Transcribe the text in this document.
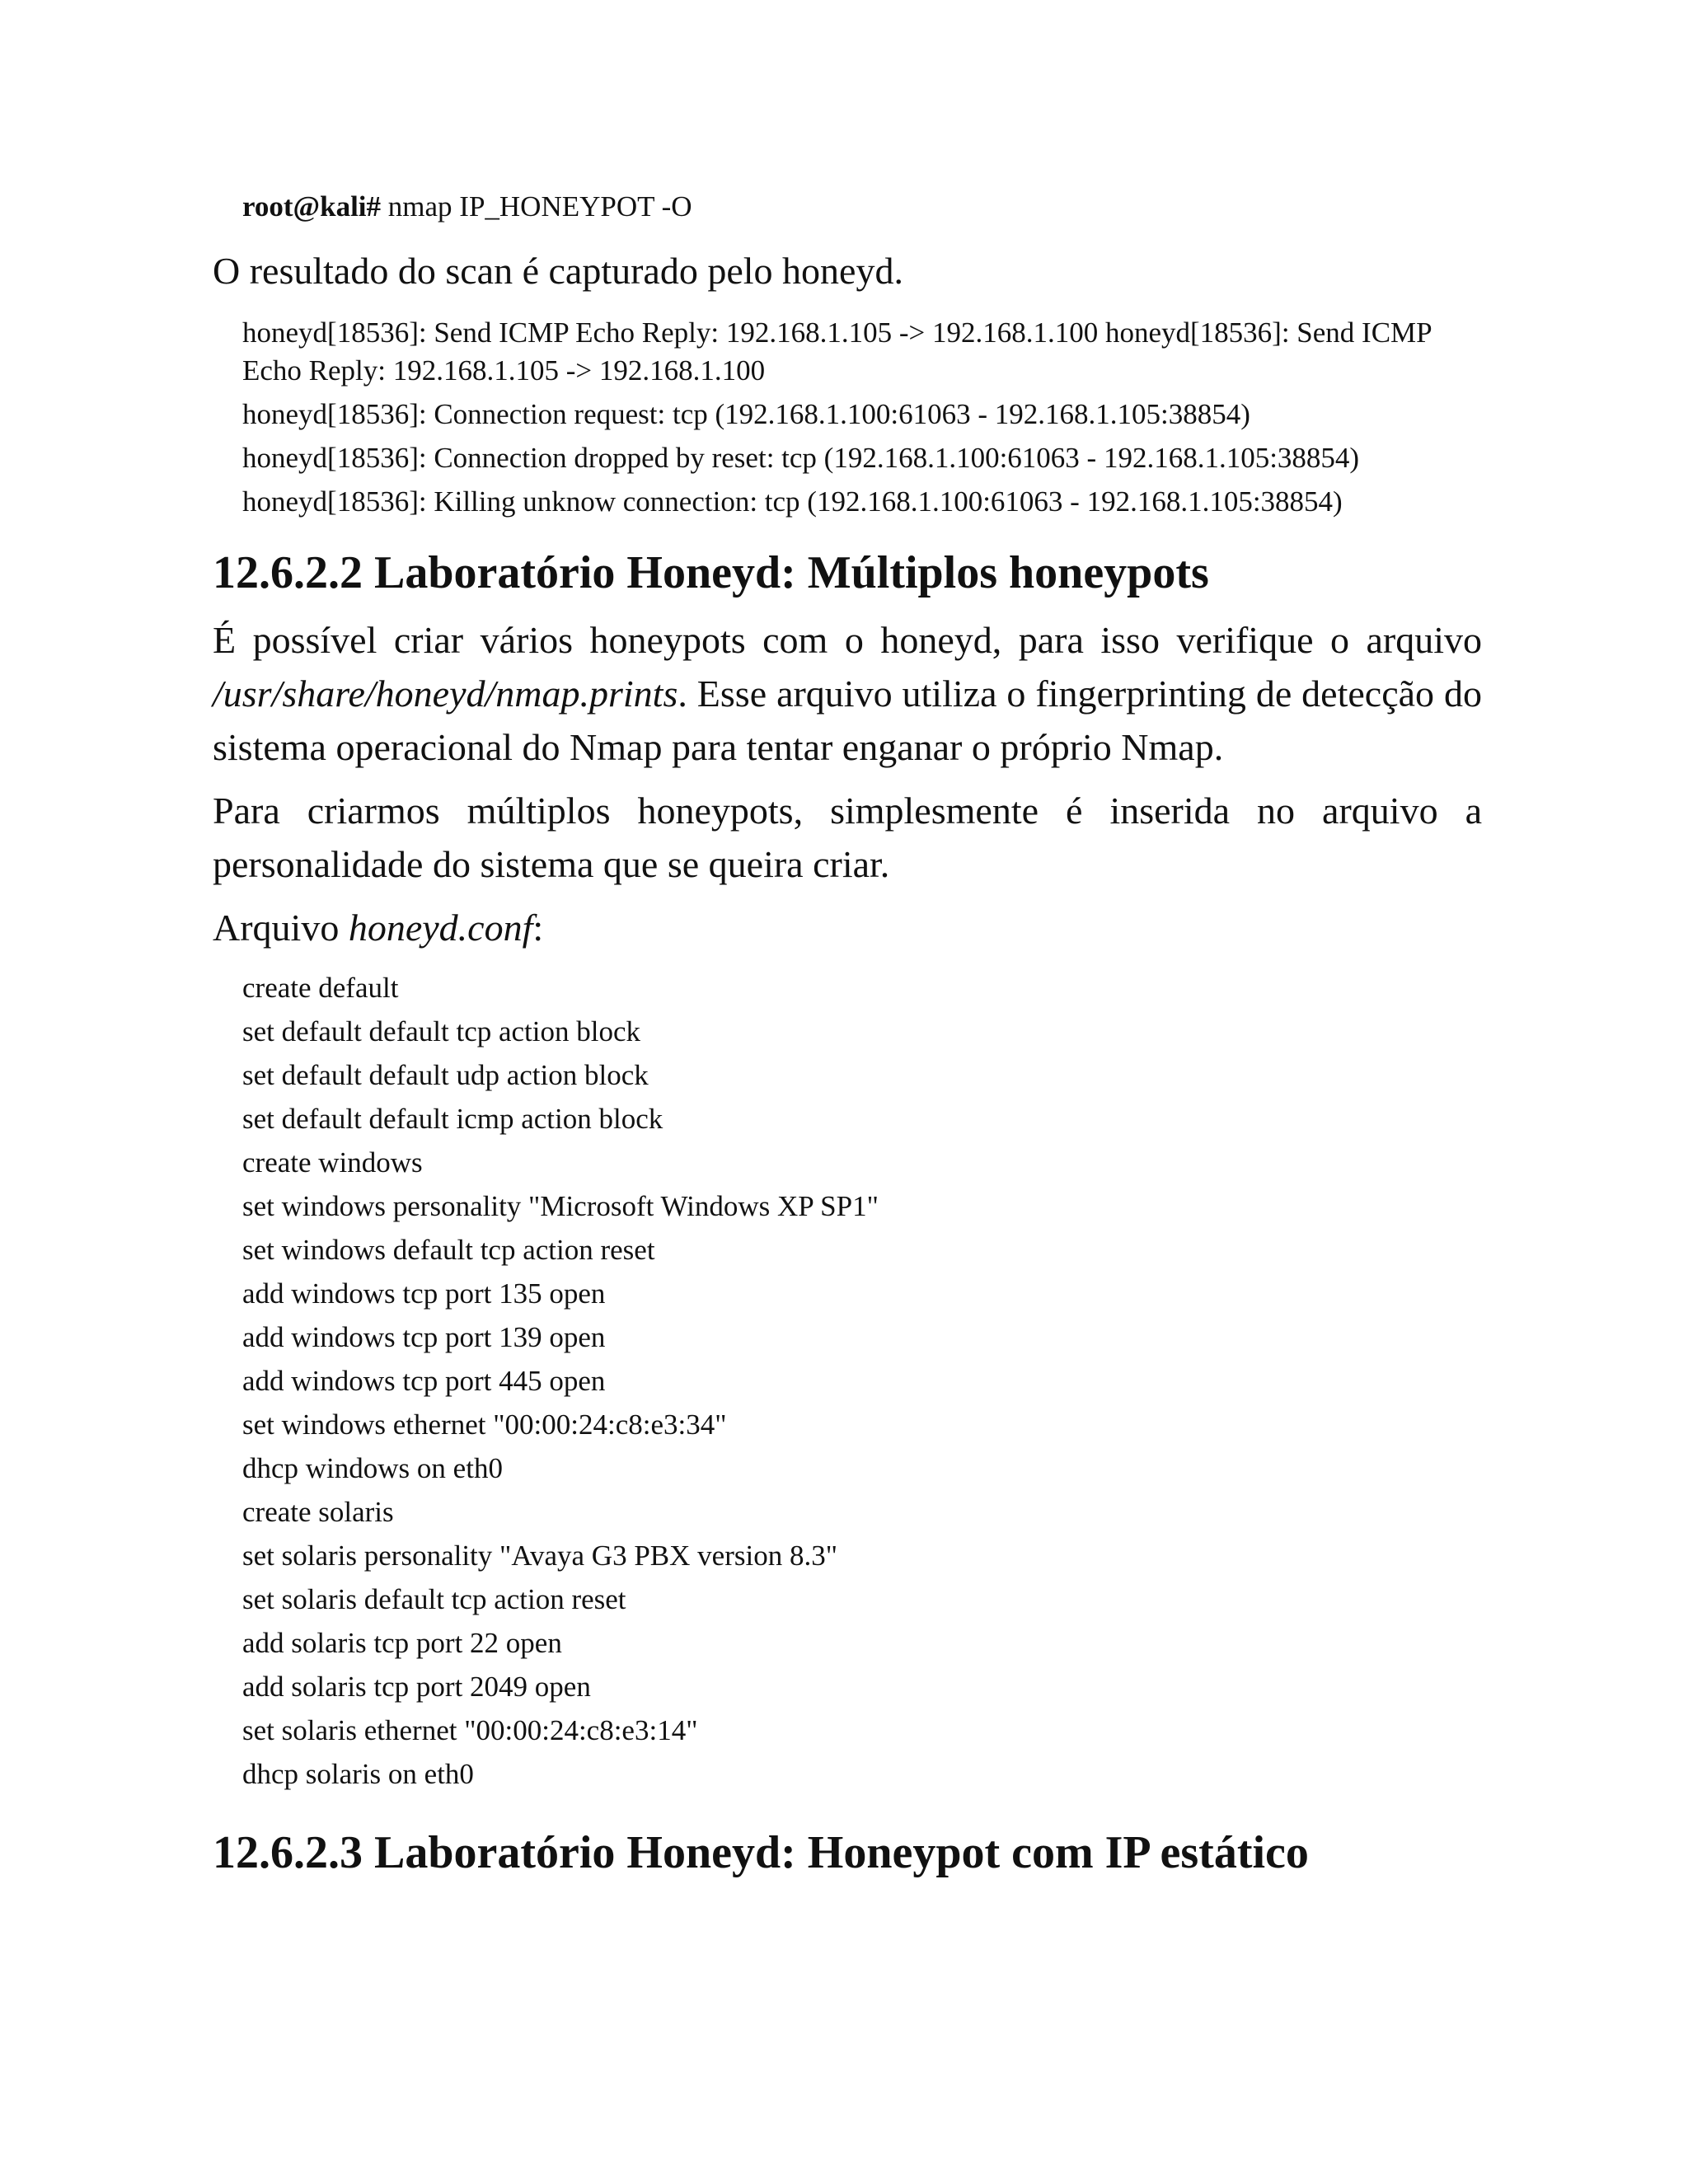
root@kali# nmap IP_HONEYPOT -O

O resultado do scan é capturado pelo honeyd.

honeyd[18536]: Send ICMP Echo Reply: 192.168.1.105 -> 192.168.1.100 honeyd[18536]: Send ICMP Echo Reply: 192.168.1.105 -> 192.168.1.100
honeyd[18536]: Connection request: tcp (192.168.1.100:61063 - 192.168.1.105:38854)
honeyd[18536]: Connection dropped by reset: tcp (192.168.1.100:61063 - 192.168.1.105:38854)
honeyd[18536]: Killing unknow connection: tcp (192.168.1.100:61063 - 192.168.1.105:38854)
12.6.2.2 Laboratório Honeyd: Múltiplos honeypots

É possível criar vários honeypots com o honeyd, para isso verifique o arquivo /usr/share/honeyd/nmap.prints. Esse arquivo utiliza o fingerprinting de detecção do sistema operacional do Nmap para tentar enganar o próprio Nmap.

Para criarmos múltiplos honeypots, simplesmente é inserida no arquivo a personalidade do sistema que se queira criar.

Arquivo honeyd.conf:

create default
set default default tcp action block
set default default udp action block
set default default icmp action block
create windows
set windows personality "Microsoft Windows XP SP1"
set windows default tcp action reset
add windows tcp port 135 open
add windows tcp port 139 open
add windows tcp port 445 open
set windows ethernet "00:00:24:c8:e3:34"
dhcp windows on eth0
create solaris
set solaris personality "Avaya G3 PBX version 8.3"
set solaris default tcp action reset
add solaris tcp port 22 open
add solaris tcp port 2049 open
set solaris ethernet "00:00:24:c8:e3:14"
dhcp solaris on eth0
12.6.2.3 Laboratório Honeyd: Honeypot com IP estático
